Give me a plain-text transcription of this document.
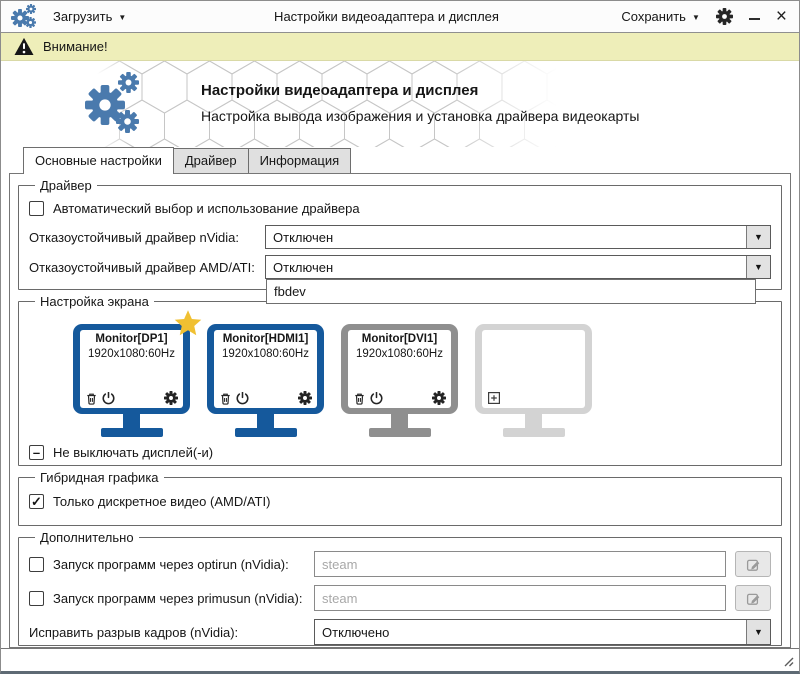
Загрузить ▼	Настройки видеоадаптера и дисплея	Сохранить ▼	×
Внимание!
Настройки видеоадаптера и дисплея
Настройка вывода изображения и установка драйвера видеокарты
Основные настройки	Драйвер	Информация
Драйвер
Автоматический выбор и использование драйвера
Отказоустойчивый драйвер nVidia:	Отключен	▼
Отказоустойчивый драйвер AMD/ATI:	Отключен	▼
fbdev
Настройка экрана
Monitor[DP1]
1920x1080:60Hz
Monitor[HDMI1]
1920x1080:60Hz
Monitor[DVI1]
1920x1080:60Hz
– Не выключать дисплей(-и)
Гибридная графика
✓ Только дискретное видео (AMD/ATI)
Дополнительно
Запуск программ через optirun (nVidia):
steam
Запуск программ через primusun (nVidia):
steam
Исправить разрыв кадров (nVidia):	Отключено	▼
